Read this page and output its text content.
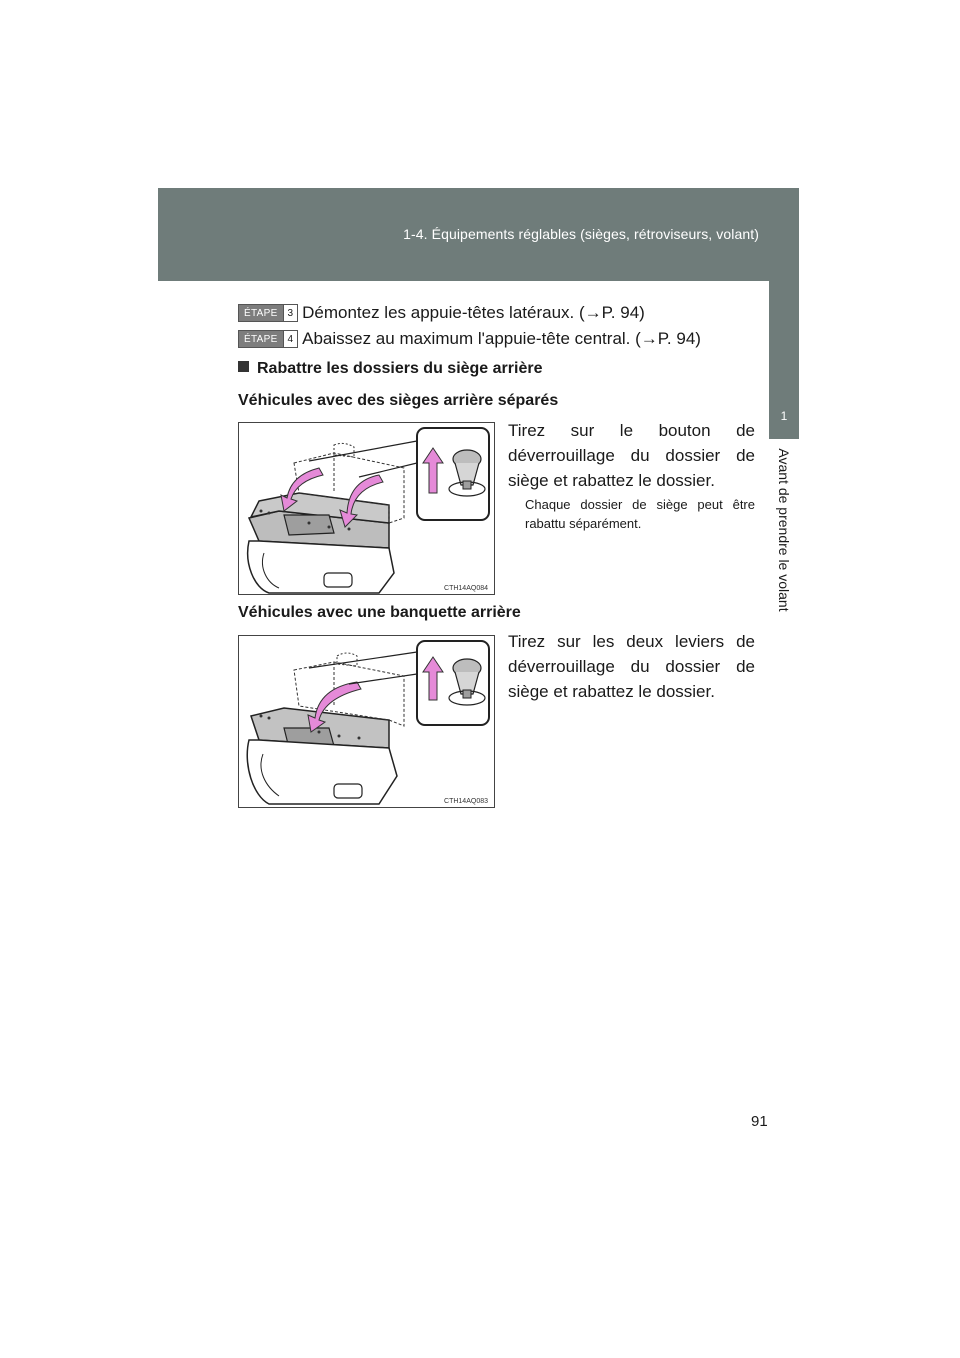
1-4. Équipements réglables (sièges, rétroviseurs, volant)
1
Avant de prendre le volant
ÉTAPE	3 Démontez les appuie-têtes latéraux. (→P. 94)
ÉTAPE	4 Abaissez au maximum l'appuie-tête central. (→P. 94)
Rabattre les dossiers du siège arrière
Véhicules avec des sièges arrière séparés
CTH14AQ084
Tirez sur le bouton de déverrouillage du dossier de siège et rabattez le dossier.
Chaque dossier de siège peut être rabattu séparément.
Véhicules avec une banquette arrière
CTH14AQ083
Tirez sur les deux leviers de déverrouillage du dossier de siège et rabattez le dossier.
91
